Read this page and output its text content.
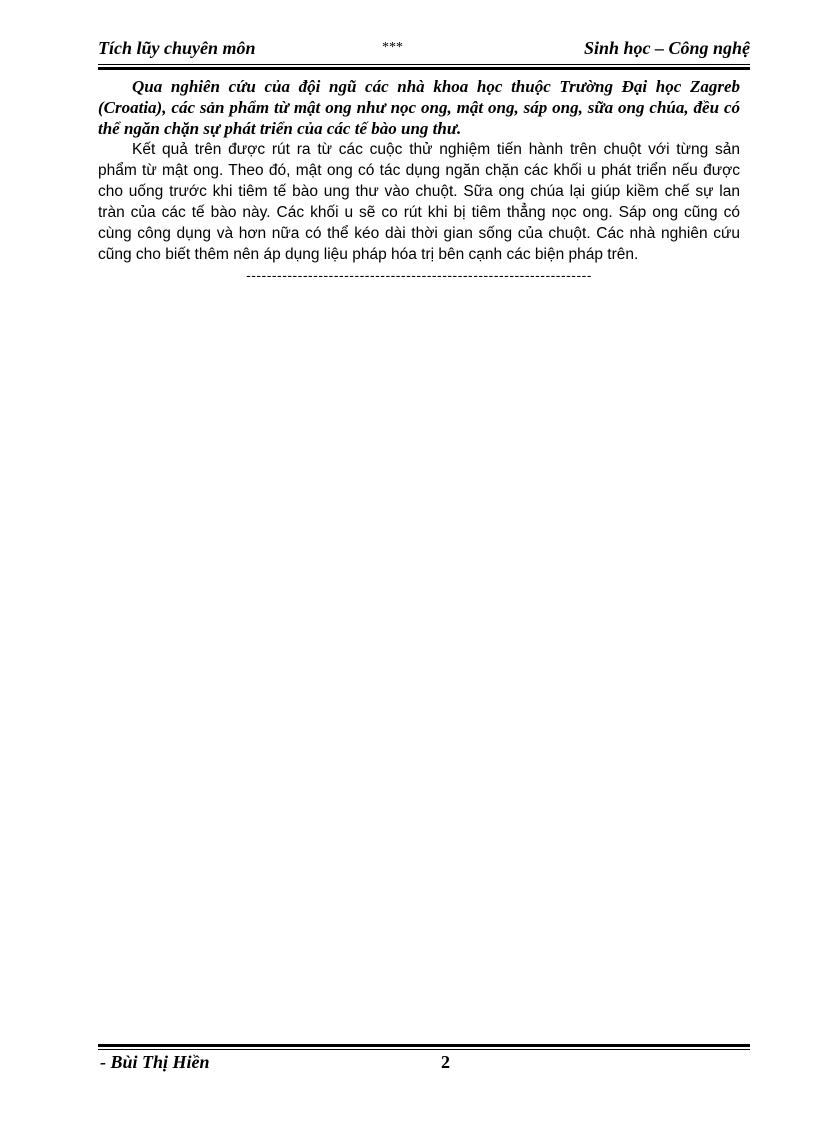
Tích lũy chuyên môn	***	Sinh học – Công nghệ

Qua nghiên cứu của đội ngũ các nhà khoa học thuộc Trường Đại học Zagreb (Croatia), các sản phẩm từ mật ong như nọc ong, mật ong, sáp ong, sữa ong chúa, đều có thể ngăn chặn sự phát triển của các tế bào ung thư.

Kết quả trên được rút ra từ các cuộc thử nghiệm tiến hành trên chuột với từng sản phẩm từ mật ong. Theo đó, mật ong có tác dụng ngăn chặn các khối u phát triển nếu được cho uống trước khi tiêm tế bào ung thư vào chuột. Sữa ong chúa lại giúp kiềm chế sự lan tràn của các tế bào này. Các khối u sẽ co rút khi bị tiêm thẳng nọc ong. Sáp ong cũng có cùng công dụng và hơn nữa có thể kéo dài thời gian sống của chuột. Các nhà nghiên cứu cũng cho biết thêm nên áp dụng liệu pháp hóa trị bên cạnh các biện pháp trên.

-------------------------------------------------------------------

- Bùi Thị Hiền	2
